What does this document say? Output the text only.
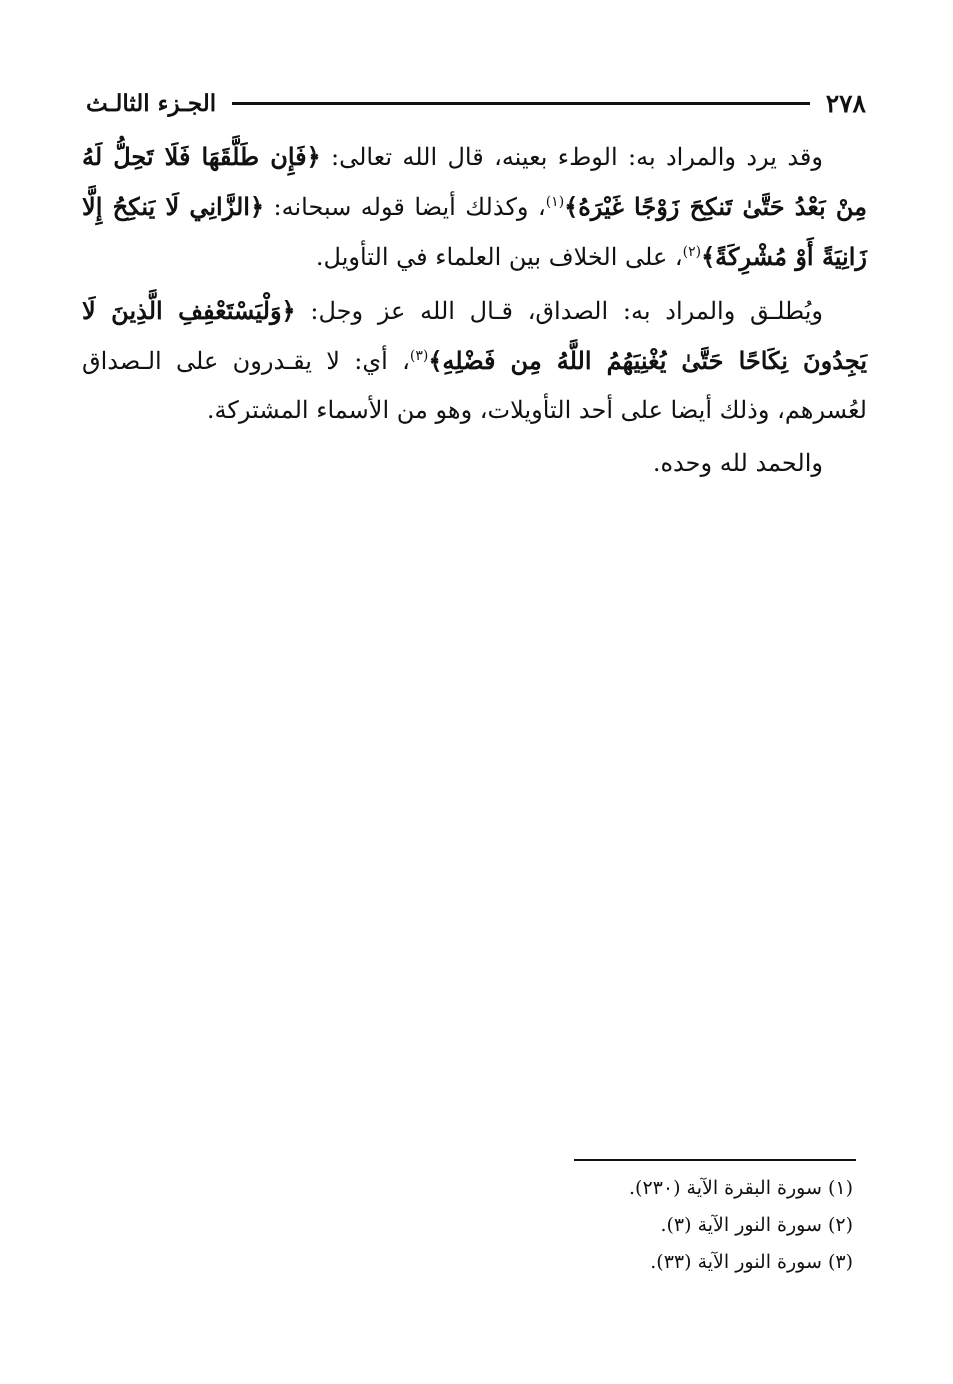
٢٧٨
الجـزء الثالـث

وقد يرد والمراد به: الوطء بعينه، قال الله تعالى: ﴿فَإِن طَلَّقَهَا فَلَا تَحِلُّ لَهُ مِنْ بَعْدُ حَتَّىٰ تَنكِحَ زَوْجًا غَيْرَهُ﴾$^{(١)}$، وكذلك أيضا قوله سبحانه: ﴿الزَّانِي لَا يَنكِحُ إِلَّا زَانِيَةً أَوْ مُشْرِكَةً﴾$^{(٢)}$، على الخلاف بين العلماء في التأويل.

ويُطلـق والمراد به: الصداق، قـال الله عز وجل: ﴿وَلْيَسْتَعْفِفِ الَّذِينَ لَا يَجِدُونَ نِكَاحًا حَتَّىٰ يُغْنِيَهُمُ اللَّهُ مِن فَضْلِهِ﴾$^{(٣)}$، أي: لا يقـدرون على الـصداق لعُسرهم، وذلك أيضا على أحد التأويلات، وهو من الأسماء المشتركة.

والحمد لله وحده.

(١) سورة البقرة الآية (٢٣٠).
(٢) سورة النور الآية (٣).
(٣) سورة النور الآية (٣٣).
